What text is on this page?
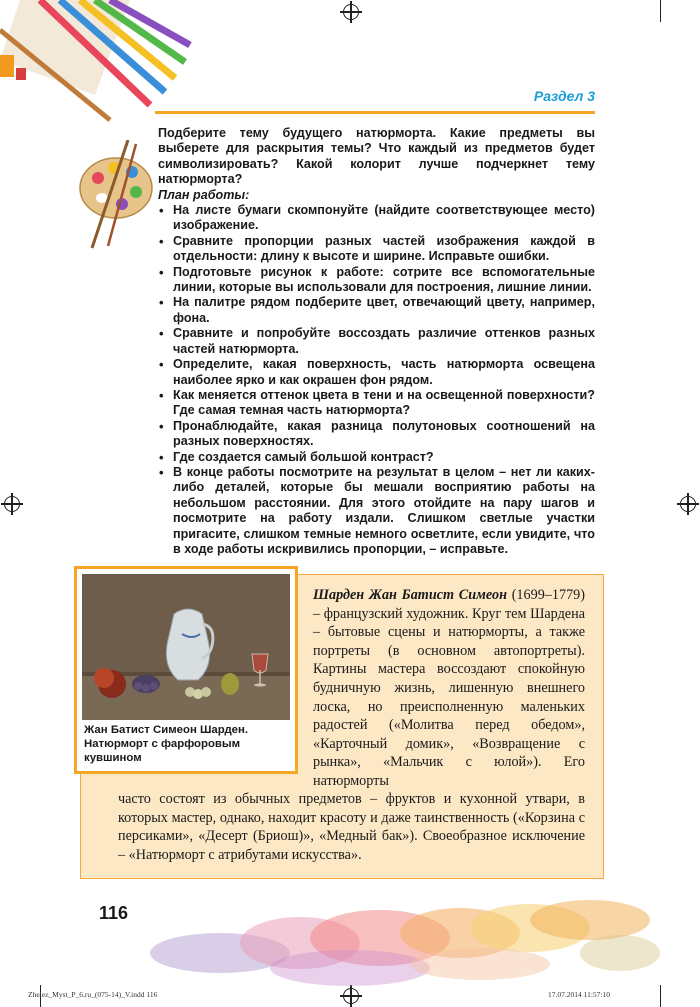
Раздел 3

Подберите тему будущего натюрморта. Какие предметы вы выберете для раскрытия темы? Что каждый из предметов будет символизировать? Какой колорит лучше подчеркнет тему натюрморта?

План работы:

• На листе бумаги скомпонуйте (найдите соответствующее место) изображение.
• Сравните пропорции разных частей изображения каждой в отдельности: длину к высоте и ширине. Исправьте ошибки.
• Подготовьте рисунок к работе: сотрите все вспомогательные линии, которые вы использовали для построения, лишние линии.
• На палитре рядом подберите цвет, отвечающий цвету, например, фона.
• Сравните и попробуйте воссоздать различие оттенков разных частей натюрморта.
• Определите, какая поверхность, часть натюрморта освещена наиболее ярко и как окрашен фон рядом.
• Как меняется оттенок цвета в тени и на освещенной поверхности? Где самая темная часть натюрморта?
• Пронаблюдайте, какая разница полутоновых соотношений на разных поверхностях.
• Где создается самый большой контраст?
• В конце работы посмотрите на результат в целом – нет ли каких-либо деталей, которые бы мешали восприятию работы на небольшом расстоянии. Для этого отойдите на пару шагов и посмотрите на работу издали. Слишком светлые участки пригасите, слишком темные немного осветлите, если увидите, что в ходе работы искривились пропорции, – исправьте.
Жан Батист Симеон Шарден. Натюрморт с фарфоровым кувшином
Шарден Жан Батист Симеон (1699–1779) – французский художник. Круг тем Шардена – бытовые сцены и натюрморты, а также портреты (в основном автопортреты). Картины мастера воссоздают спокойную будничную жизнь, лишенную внешнего лоска, но преисполненную маленьких радостей («Молитва перед обедом», «Карточный домик», «Возвращение с рынка», «Мальчик с юлой»). Его натюрморты
часто состоят из обычных предметов – фруктов и кухонной утвари, в которых мастер, однако, находит красоту и даже таинственность («Корзина с персиками», «Десерт (Бриош)», «Медный бак»). Своеобразное исключение – «Натюрморт с атрибутами искусства».
116
Zhelez_Myst_P_6.ru_(075-14)_V.indd 116	17.07.2014 11:57:10
